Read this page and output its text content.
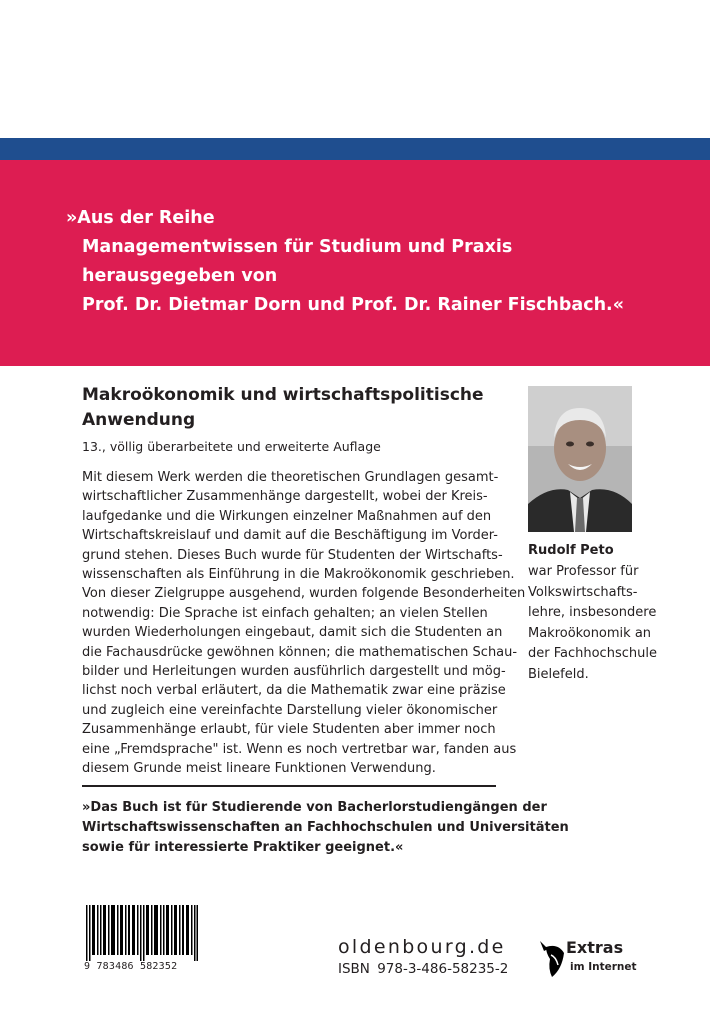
»Aus der Reihe
Managementwissen für Studium und Praxis
herausgegeben von
Prof. Dr. Dietmar Dorn und Prof. Dr. Rainer Fischbach.«
Makroökonomik und wirtschaftspolitische Anwendung
13., völlig überarbeitete und erweiterte Auflage
Mit diesem Werk werden die theoretischen Grundlagen gesamt-
wirtschaftlicher Zusammenhänge dargestellt, wobei der Kreis-
laufgedanke und die Wirkungen einzelner Maßnahmen auf den
Wirtschaftskreislauf und damit auf die Beschäftigung im Vorder-
grund stehen. Dieses Buch wurde für Studenten der Wirtschafts-
wissenschaften als Einführung in die Makroökonomik geschrieben.
Von dieser Zielgruppe ausgehend, wurden folgende Besonderheiten
notwendig: Die Sprache ist einfach gehalten; an vielen Stellen
wurden Wiederholungen eingebaut, damit sich die Studenten an
die Fachausdrücke gewöhnen können; die mathematischen Schau-
bilder und Herleitungen wurden ausführlich dargestellt und mög-
lichst noch verbal erläutert, da die Mathematik zwar eine präzise
und zugleich eine vereinfachte Darstellung vieler ökonomischer
Zusammenhänge erlaubt, für viele Studenten aber immer noch
eine „Fremdsprache" ist. Wenn es noch vertretbar war, fanden aus
diesem Grunde meist lineare Funktionen Verwendung.
Rudolf Peto
war Professor für
Volkswirtschafts-
lehre, insbesondere
Makroökonomik an
der Fachhochschule
Bielefeld.
»Das Buch ist für Studierende von Bacherlorstudiengängen der
Wirtschaftswissenschaften an Fachhochschulen und Universitäten
sowie für interessierte Praktiker geeignet.«
9 783486 582352
oldenbourg.de
ISBN 978-3-486-58235-2
Extras
im Internet
